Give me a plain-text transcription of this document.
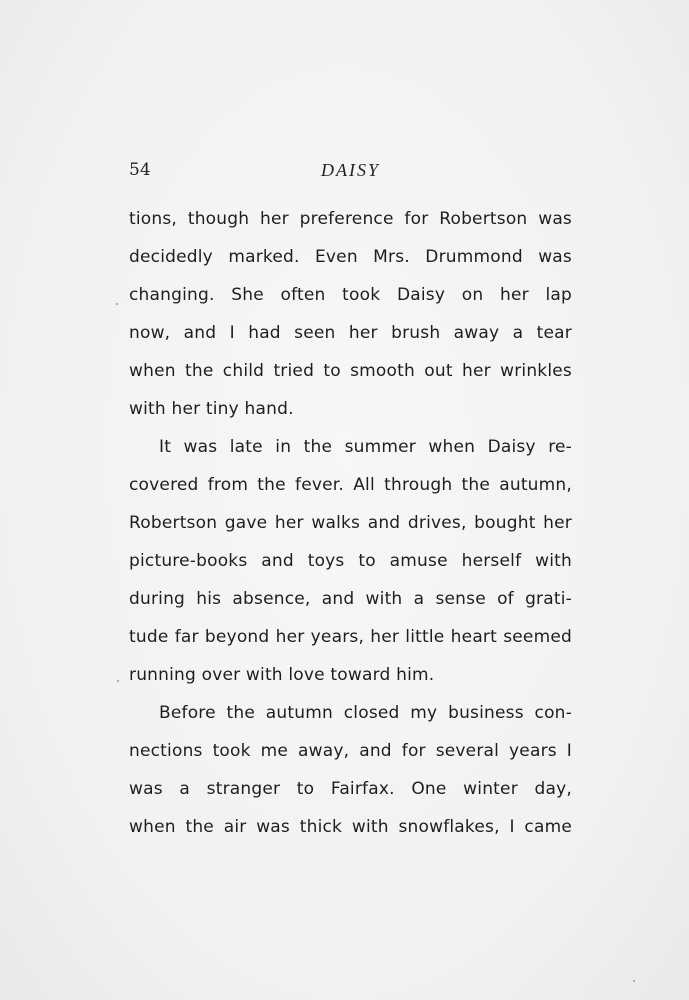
54	DAISY
tions, though her preference for Robertson was
decidedly marked. Even Mrs. Drummond was
changing. She often took Daisy on her lap
now, and I had seen her brush away a tear
when the child tried to smooth out her wrinkles
with her tiny hand.
It was late in the summer when Daisy re-
covered from the fever. All through the autumn,
Robertson gave her walks and drives, bought her
picture-books and toys to amuse herself with
during his absence, and with a sense of grati-
tude far beyond her years, her little heart seemed
running over with love toward him.
Before the autumn closed my business con-
nections took me away, and for several years I
was a stranger to Fairfax. One winter day,
when the air was thick with snowflakes, I came
